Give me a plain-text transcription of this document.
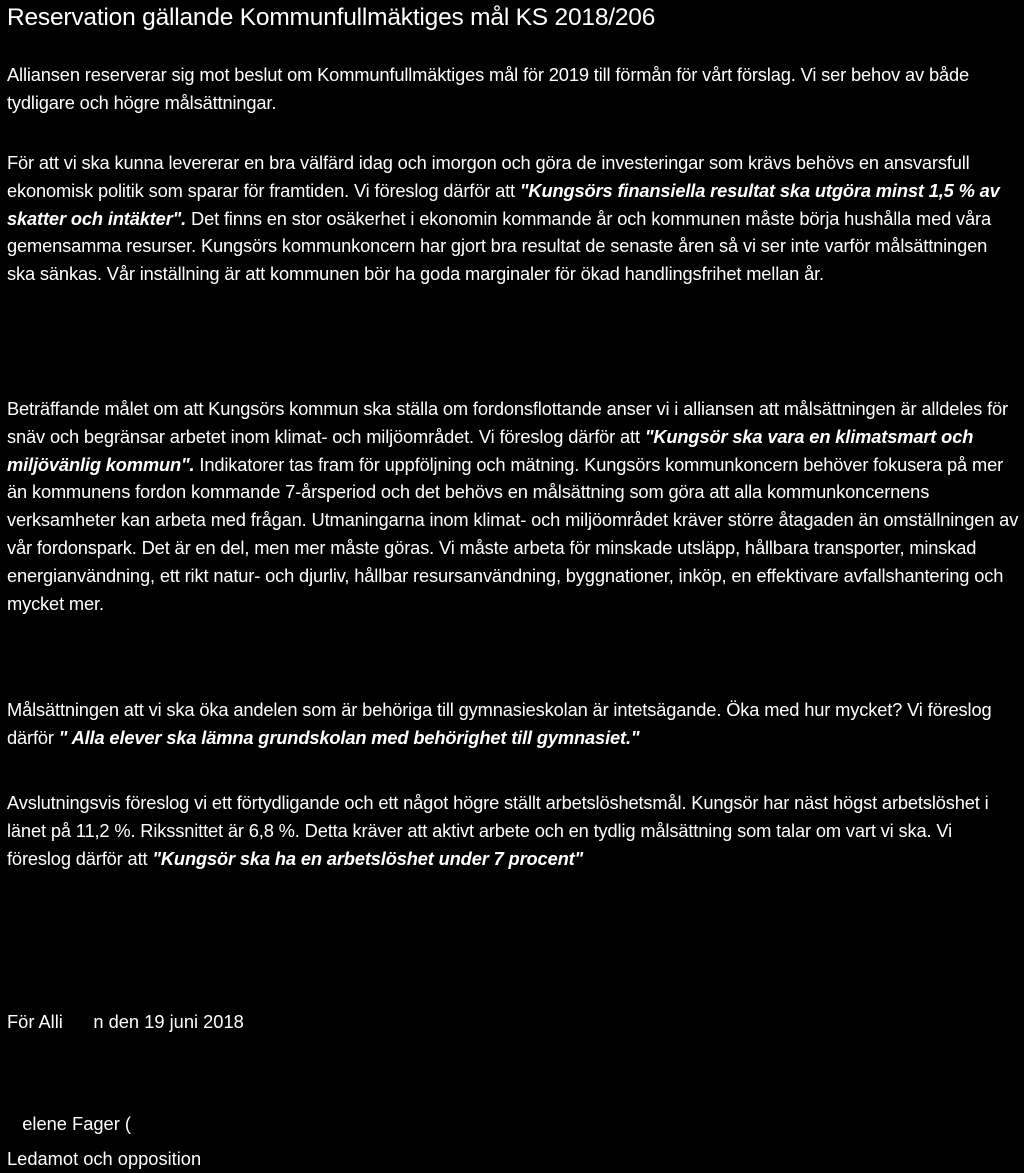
Reservation gällande Kommunfullmäktiges mål KS 2018/206

Alliansen reserverar sig mot beslut om Kommunfullmäktiges mål för 2019 till förmån för vårt förslag. Vi ser behov av både tydligare och högre målsättningar.

För att vi ska kunna levererar en bra välfärd idag och imorgon och göra de investeringar som krävs behövs en ansvarsfull ekonomisk politik som sparar för framtiden. Vi föreslog därför att "Kungsörs finansiella resultat ska utgöra minst 1,5 % av skatter och intäkter". Det finns en stor osäkerhet i ekonomin kommande år och kommunen måste börja hushålla med våra gemensamma resurser. Kungsörs kommunkoncern har gjort bra resultat de senaste åren så vi ser inte varför målsättningen ska sänkas. Vår inställning är att kommunen bör ha goda marginaler för ökad handlingsfrihet mellan år.

Beträffande målet om att Kungsörs kommun ska ställa om fordonsflottande anser vi i alliansen att målsättningen är alldeles för snäv och begränsar arbetet inom klimat- och miljöområdet. Vi föreslog därför att "Kungsör ska vara en klimatsmart och miljövänlig kommun". Indikatorer tas fram för uppföljning och mätning. Kungsörs kommunkoncern behöver fokusera på mer än kommunens fordon kommande 7-årsperiod och det behövs en målsättning som göra att alla kommunkoncernens verksamheter kan arbeta med frågan. Utmaningarna inom klimat- och miljöområdet kräver större åtagaden än omställningen av vår fordonspark. Det är en del, men mer måste göras. Vi måste arbeta för minskade utsläpp, hållbara transporter, minskad energianvändning, ett rikt natur- och djurliv, hållbar resursanvändning, byggnationer, inköp, en effektivare avfallshantering och mycket mer.

Målsättningen att vi ska öka andelen som är behöriga till gymnasieskolan är intetsägande. Öka med hur mycket? Vi föreslog därför " Alla elever ska lämna grundskolan med behörighet till gymnasiet."

Avslutningsvis föreslog vi ett förtydligande och ett något högre ställt arbetslöshetsmål. Kungsör har näst högst arbetslöshet i länet på 11,2 %. Rikssnittet är 6,8 %. Detta kräver att aktivt arbete och en tydlig målsättning som talar om vart vi ska. Vi föreslog därför att "Kungsör ska ha en arbetslöshet under 7 procent"

För Alli      n den 19 juni 2018
elene Fager (
Ledamot och opposition
